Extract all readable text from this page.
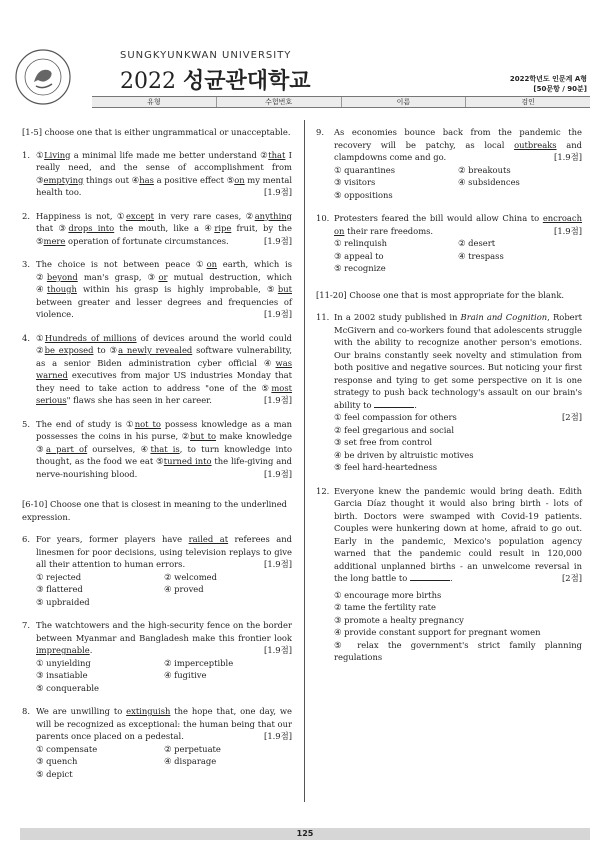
SUNGKYUNKWAN UNIVERSITY
2022 성균관대학교	2022학년도 인문계 A형
[50문항 / 90분]
유형	수험번호	이름	검인
[1-5] choose one that is either ungrammatical or unacceptable.
1. ①Living a minimal life made me better understand ②that I really need, and the sense of accomplishment from ③emptying things out ④has a positive effect ⑤on my mental health too.	[1.9점]
2. Happiness is not, ①except in very rare cases, ②anything that ③drops into the mouth, like a ④ripe fruit, by the ⑤mere operation of fortunate circumstances.	[1.9점]
3. The choice is not between peace ①on earth, which is ②beyond man's grasp, ③or mutual destruction, which ④though within his grasp is highly improbable, ⑤but between greater and lesser degrees and frequencies of violence.	[1.9점]
4. ①Hundreds of millions of devices around the world could ②be exposed to ③a newly revealed software vulnerability, as a senior Biden administration cyber official ④was warned executives from major US industries Monday that they need to take action to address "one of the ⑤most serious" flaws she has seen in her career.	[1.9점]
5. The end of study is ①not to possess knowledge as a man possesses the coins in his purse, ②but to make knowledge ③a part of ourselves, ④that is, to turn knowledge into thought, as the food we eat ⑤turned into the life-giving and nerve-nourishing blood.	[1.9점]
[6-10] Choose one that is closest in meaning to the underlined expression.
6. For years, former players have railed at referees and linesmen for poor decisions, using television replays to give all their attention to human errors.	[1.9점]
① rejected	② welcomed
③ flattered	④ proved
⑤ upbraided
7. The watchtowers and the high-security fence on the border between Myanmar and Bangladesh make this frontier look impregnable.	[1.9점]
① unyielding	② imperceptible
③ insatiable	④ fugitive
⑤ conquerable
8. We are unwilling to extinguish the hope that, one day, we will be recognized as exceptional: the human being that our parents once placed on a pedestal.	[1.9점]
① compensate	② perpetuate
③ quench	④ disparage
⑤ depict
9.	As economies bounce back from the pandemic the recovery will be patchy, as local outbreaks and clampdowns come and go.	[1.9점]
① quarantines	② breakouts
③ visitors	④ subsidences
⑤ oppositions
10. Protesters feared the bill would allow China to encroach on their rare freedoms.	[1.9점]
① relinquish	② desert
③ appeal to	④ trespass
⑤ recognize
[11-20] Choose one that is most appropriate for the blank.
11. In a 2002 study published in Brain and Cognition, Robert McGivern and co-workers found that adolescents struggle with the ability to recognize another person's emotions. Our brains constantly seek novelty and stimulation from both positive and negative sources. But noticing your first response and tying to get some perspective on it is one strategy to push back technology's assault on our brain's ability to	.
① feel compassion for others	[2점]
② feel gregarious and social
③ set free from control
④ be driven by altruistic motives
⑤ feel hard-heartedness
12. Everyone knew the pandemic would bring death. Edith Garcia Díaz thought it would also bring birth - lots of birth. Doctors were swamped with Covid-19 patients. Couples were hunkering down at home, afraid to go out. Early in the pandemic, Mexico's population agency warned that the pandemic could result in 120,000 additional unplanned births - an unwelcome reversal in the long battle to	.	[2점]
① encourage more births
② tame the fertility rate
③ promote a healty pregnancy
④ provide constant support for pregnant women
⑤ relax the government's strict family planning regulations
125
